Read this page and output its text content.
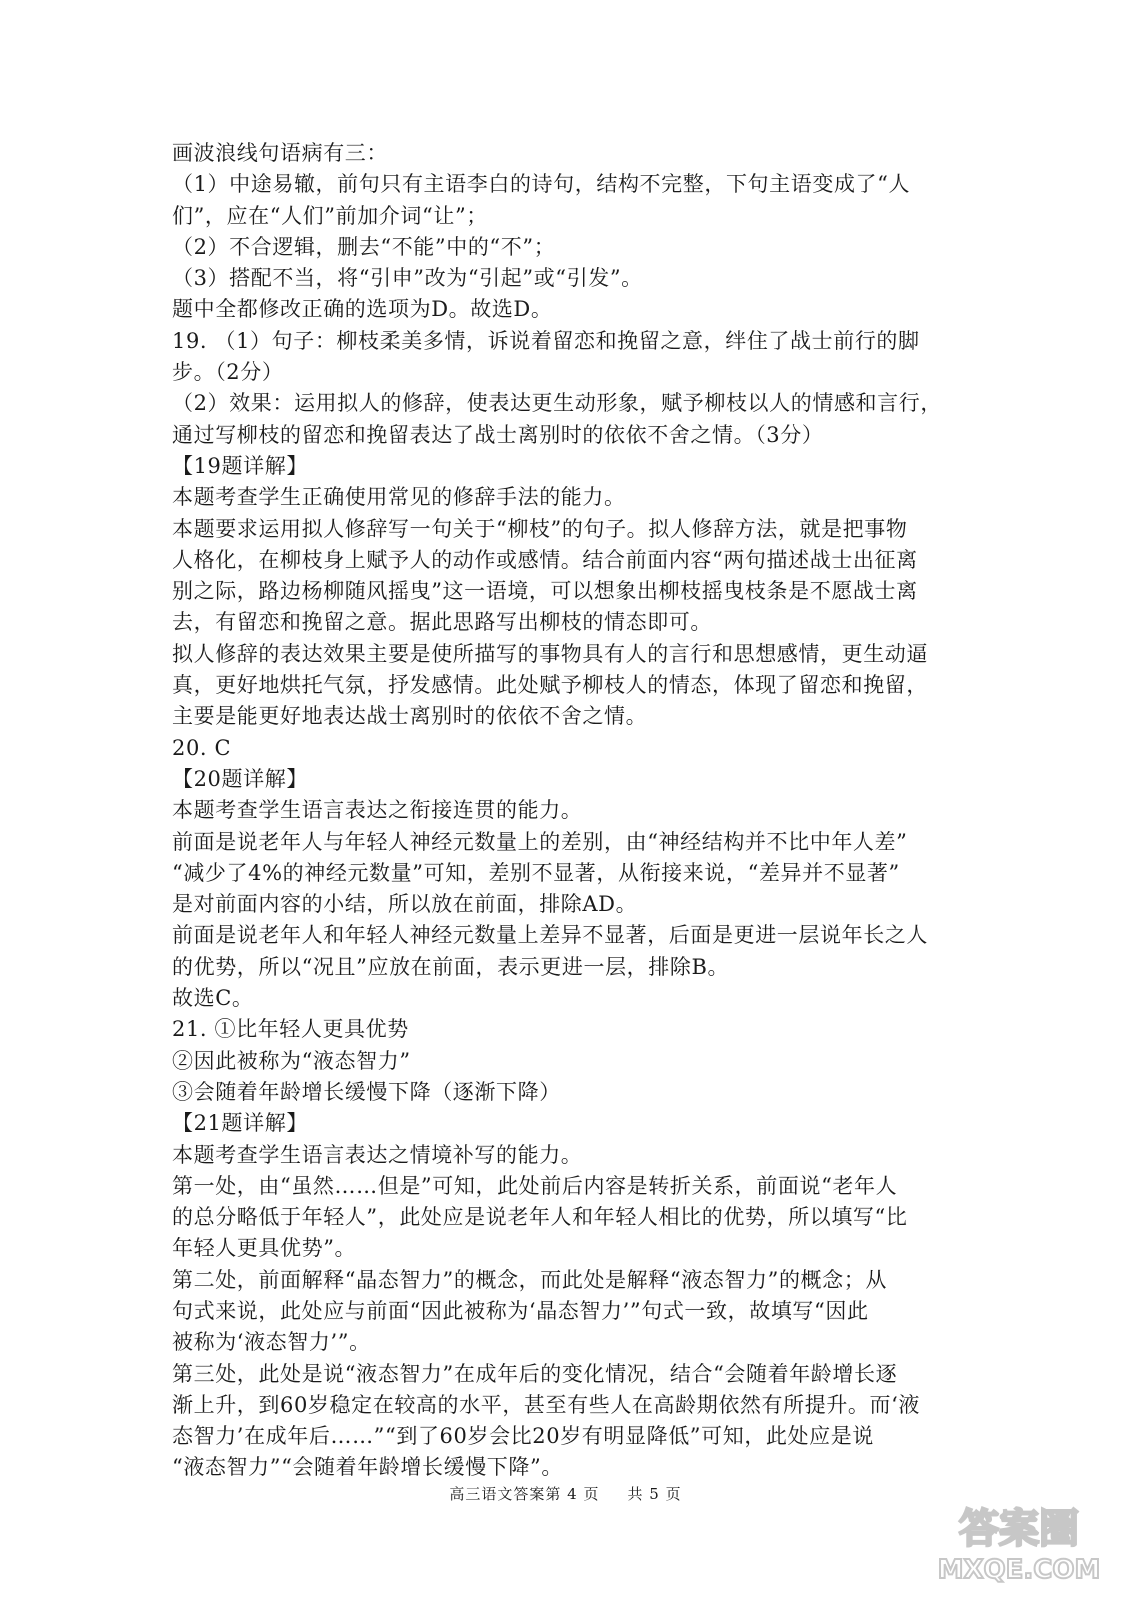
画波浪线句语病有三：
（1）中途易辙，前句只有主语李白的诗句，结构不完整，下句主语变成了“人
们”，应在“人们”前加介词“让”；
（2）不合逻辑，删去“不能”中的“不”；
（3）搭配不当，将“引申”改为“引起”或“引发”。
题中全都修改正确的选项为D。故选D。
19. （1）句子：柳枝柔美多情，诉说着留恋和挽留之意，绊住了战士前行的脚
步。（2分）
（2）效果：运用拟人的修辞，使表达更生动形象，赋予柳枝以人的情感和言行，
通过写柳枝的留恋和挽留表达了战士离别时的依依不舍之情。（3分）
【19题详解】
本题考查学生正确使用常见的修辞手法的能力。
本题要求运用拟人修辞写一句关于“柳枝”的句子。拟人修辞方法，就是把事物
人格化，在柳枝身上赋予人的动作或感情。结合前面内容“两句描述战士出征离
别之际，路边杨柳随风摇曳”这一语境，可以想象出柳枝摇曳枝条是不愿战士离
去，有留恋和挽留之意。据此思路写出柳枝的情态即可。
拟人修辞的表达效果主要是使所描写的事物具有人的言行和思想感情，更生动逼
真，更好地烘托气氛，抒发感情。此处赋予柳枝人的情态，体现了留恋和挽留，
主要是能更好地表达战士离别时的依依不舍之情。
20. C
【20题详解】
本题考查学生语言表达之衔接连贯的能力。
前面是说老年人与年轻人神经元数量上的差别，由“神经结构并不比中年人差”
“减少了4%的神经元数量”可知，差别不显著，从衔接来说，“差异并不显著”
是对前面内容的小结，所以放在前面，排除AD。
前面是说老年人和年轻人神经元数量上差异不显著，后面是更进一层说年长之人
的优势，所以“况且”应放在前面，表示更进一层，排除B。
故选C。
21. ①比年轻人更具优势
②因此被称为“液态智力”
③会随着年龄增长缓慢下降（逐渐下降）
【21题详解】
本题考查学生语言表达之情境补写的能力。
第一处，由“虽然……但是”可知，此处前后内容是转折关系，前面说“老年人
的总分略低于年轻人”，此处应是说老年人和年轻人相比的优势，所以填写“比
年轻人更具优势”。
第二处，前面解释“晶态智力”的概念，而此处是解释“液态智力”的概念；从
句式来说，此处应与前面“因此被称为‘晶态智力’”句式一致，故填写“因此
被称为‘液态智力’”。
第三处，此处是说“液态智力”在成年后的变化情况，结合“会随着年龄增长逐
渐上升，到60岁稳定在较高的水平，甚至有些人在高龄期依然有所提升。而‘液
态智力’在成年后……”“到了60岁会比20岁有明显降低”可知，此处应是说
“液态智力”“会随着年龄增长缓慢下降”。
高三语文答案第 4 页 共 5 页
答案圈
MXQE.COM
